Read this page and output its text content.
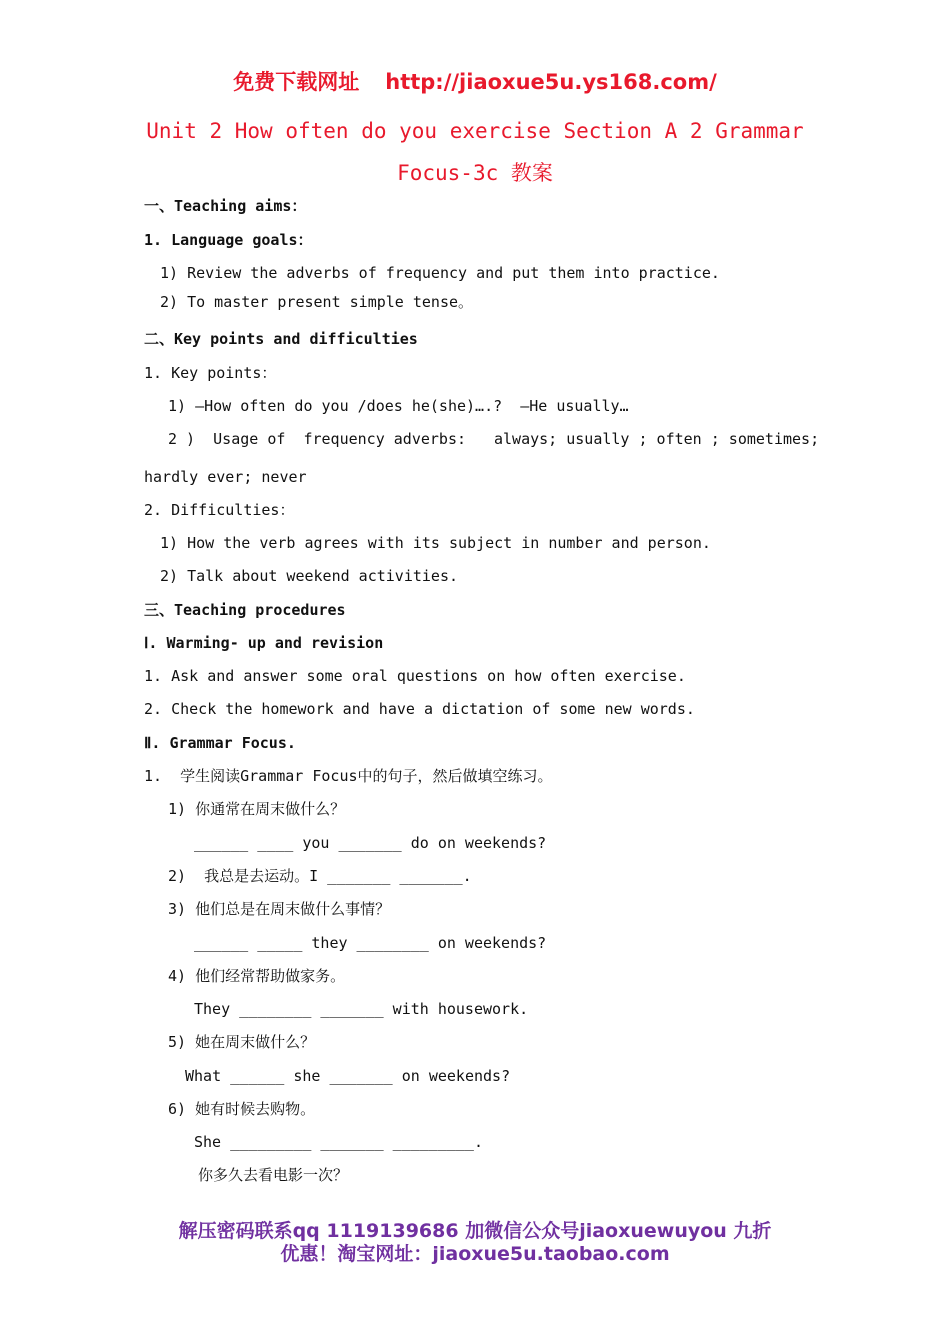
免费下载网址 http://jiaoxue5u.ys168.com/
Unit 2 How often do you exercise Section A 2 Grammar
Focus-3c 教案
一、Teaching aims：
1. Language goals：
1) Review the adverbs of frequency and put them into practice.
2) To master present simple tense。
二、Key points and difficulties
1. Key points：
1) —How often do you /does he(she)….?  —He usually…
2 )  Usage of  frequency adverbs: always; usually ; often ; sometimes;
hardly ever; never
2. Difficulties：
1) How the verb agrees with its subject in number and person.
2) Talk about weekend activities.
三、Teaching procedures
Ⅰ. Warming- up and revision
1. Ask and answer some oral questions on how often exercise.
2. Check the homework and have a dictation of some new words.
Ⅱ. Grammar Focus.
1.  学生阅读Grammar Focus中的句子，然后做填空练习。
1) 你通常在周末做什么？
______ ____ you _______ do on weekends?
2)  我总是去运动。I _______ _______.
3) 他们总是在周末做什么事情？
______ _____ they ________ on weekends?
4) 他们经常帮助做家务。
They ________ _______ with housework.
5) 她在周末做什么？
What ______ she _______ on weekends?
6) 她有时候去购物。
She _________ _______ _________.
你多久去看电影一次？
解压密码联系qq 1119139686 加微信公众号jiaoxuewuyou 九折
优惠！淘宝网址：jiaoxue5u.taobao.com
